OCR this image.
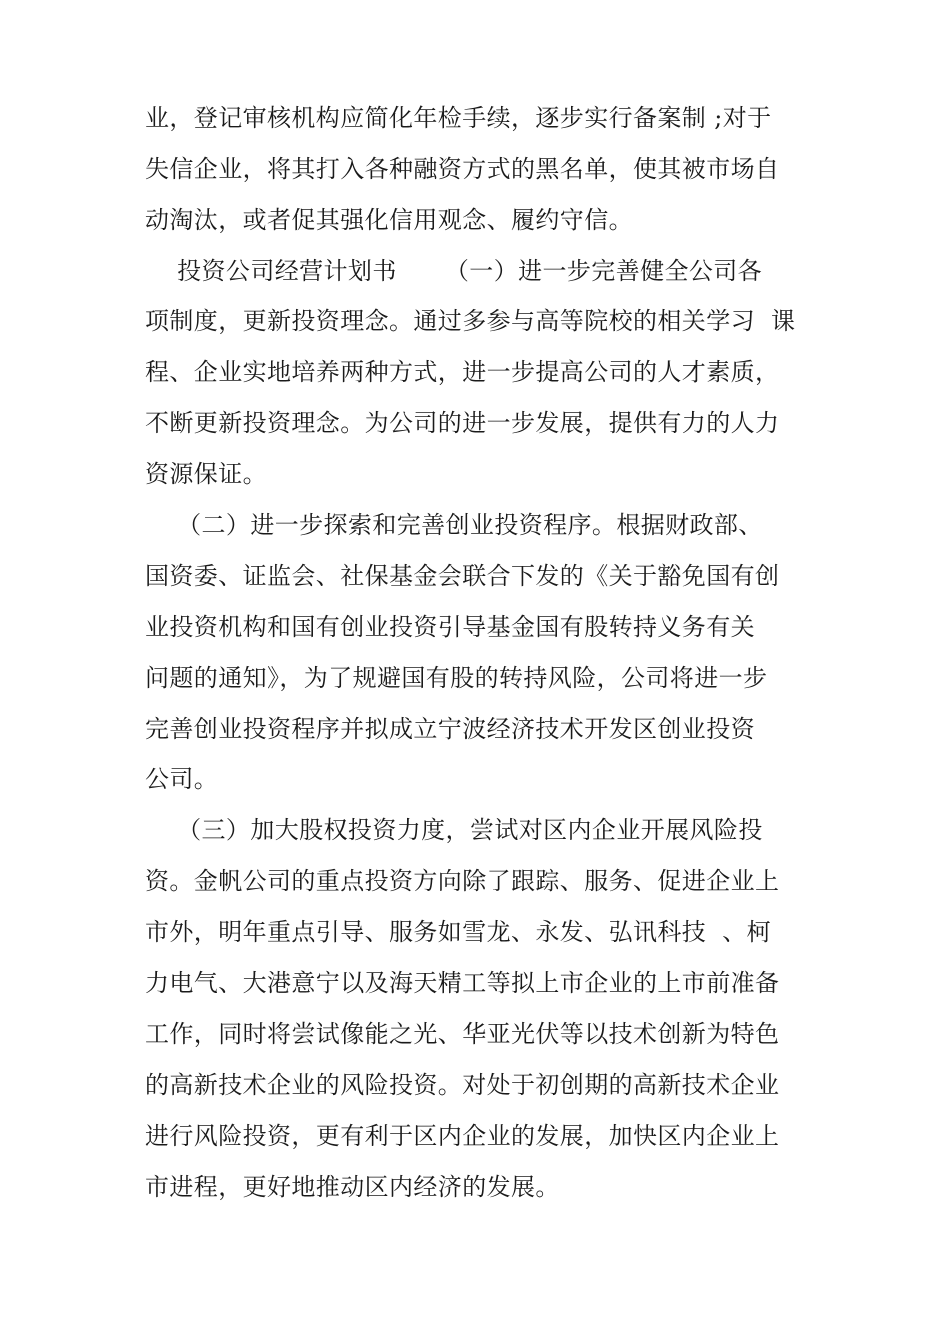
业，登记审核机构应简化年检手续，逐步实行备案制 ;对于
失信企业，将其打入各种融资方式的黑名单，使其被市场自
动淘汰，或者促其强化信用观念、履约守信。
投资公司经营计划书      （一）进一步完善健全公司各
项制度，更新投资理念。通过多参与高等院校的相关学习  课
程、企业实地培养两种方式，进一步提高公司的人才素质，
不断更新投资理念。为公司的进一步发展，提供有力的人力
资源保证。
（二）进一步探索和完善创业投资程序。根据财政部、
国资委、证监会、社保基金会联合下发的《关于豁免国有创
业投资机构和国有创业投资引导基金国有股转持义务有关
问题的通知》，为了规避国有股的转持风险，公司将进一步
完善创业投资程序并拟成立宁波经济技术开发区创业投资
公司。
（三）加大股权投资力度，尝试对区内企业开展风险投
资。金帆公司的重点投资方向除了跟踪、服务、促进企业上
市外，明年重点引导、服务如雪龙、永发、弘讯科技  、柯
力电气、大港意宁以及海天精工等拟上市企业的上市前准备
工作，同时将尝试像能之光、华亚光伏等以技术创新为特色
的高新技术企业的风险投资。对处于初创期的高新技术企业
进行风险投资，更有利于区内企业的发展，加快区内企业上
市进程，更好地推动区内经济的发展。
